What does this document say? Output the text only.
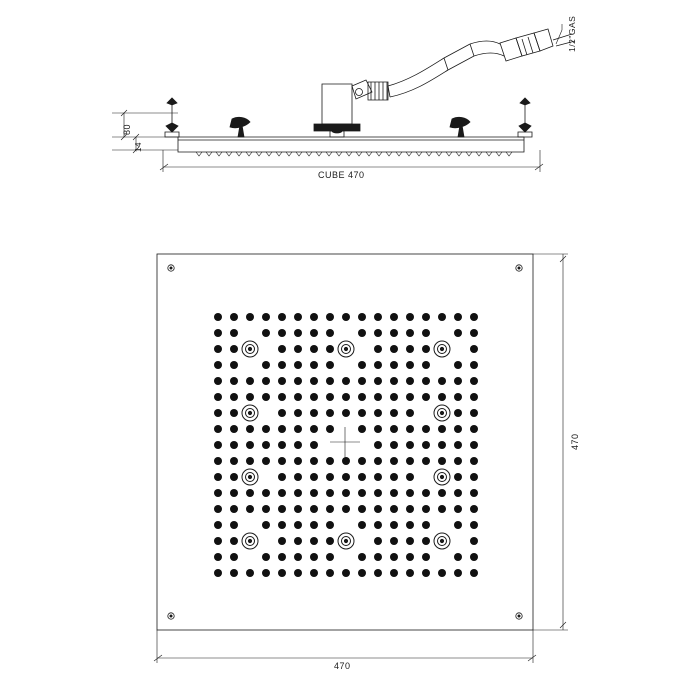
80
14
CUBE 470
1/2"GAS
470
470
